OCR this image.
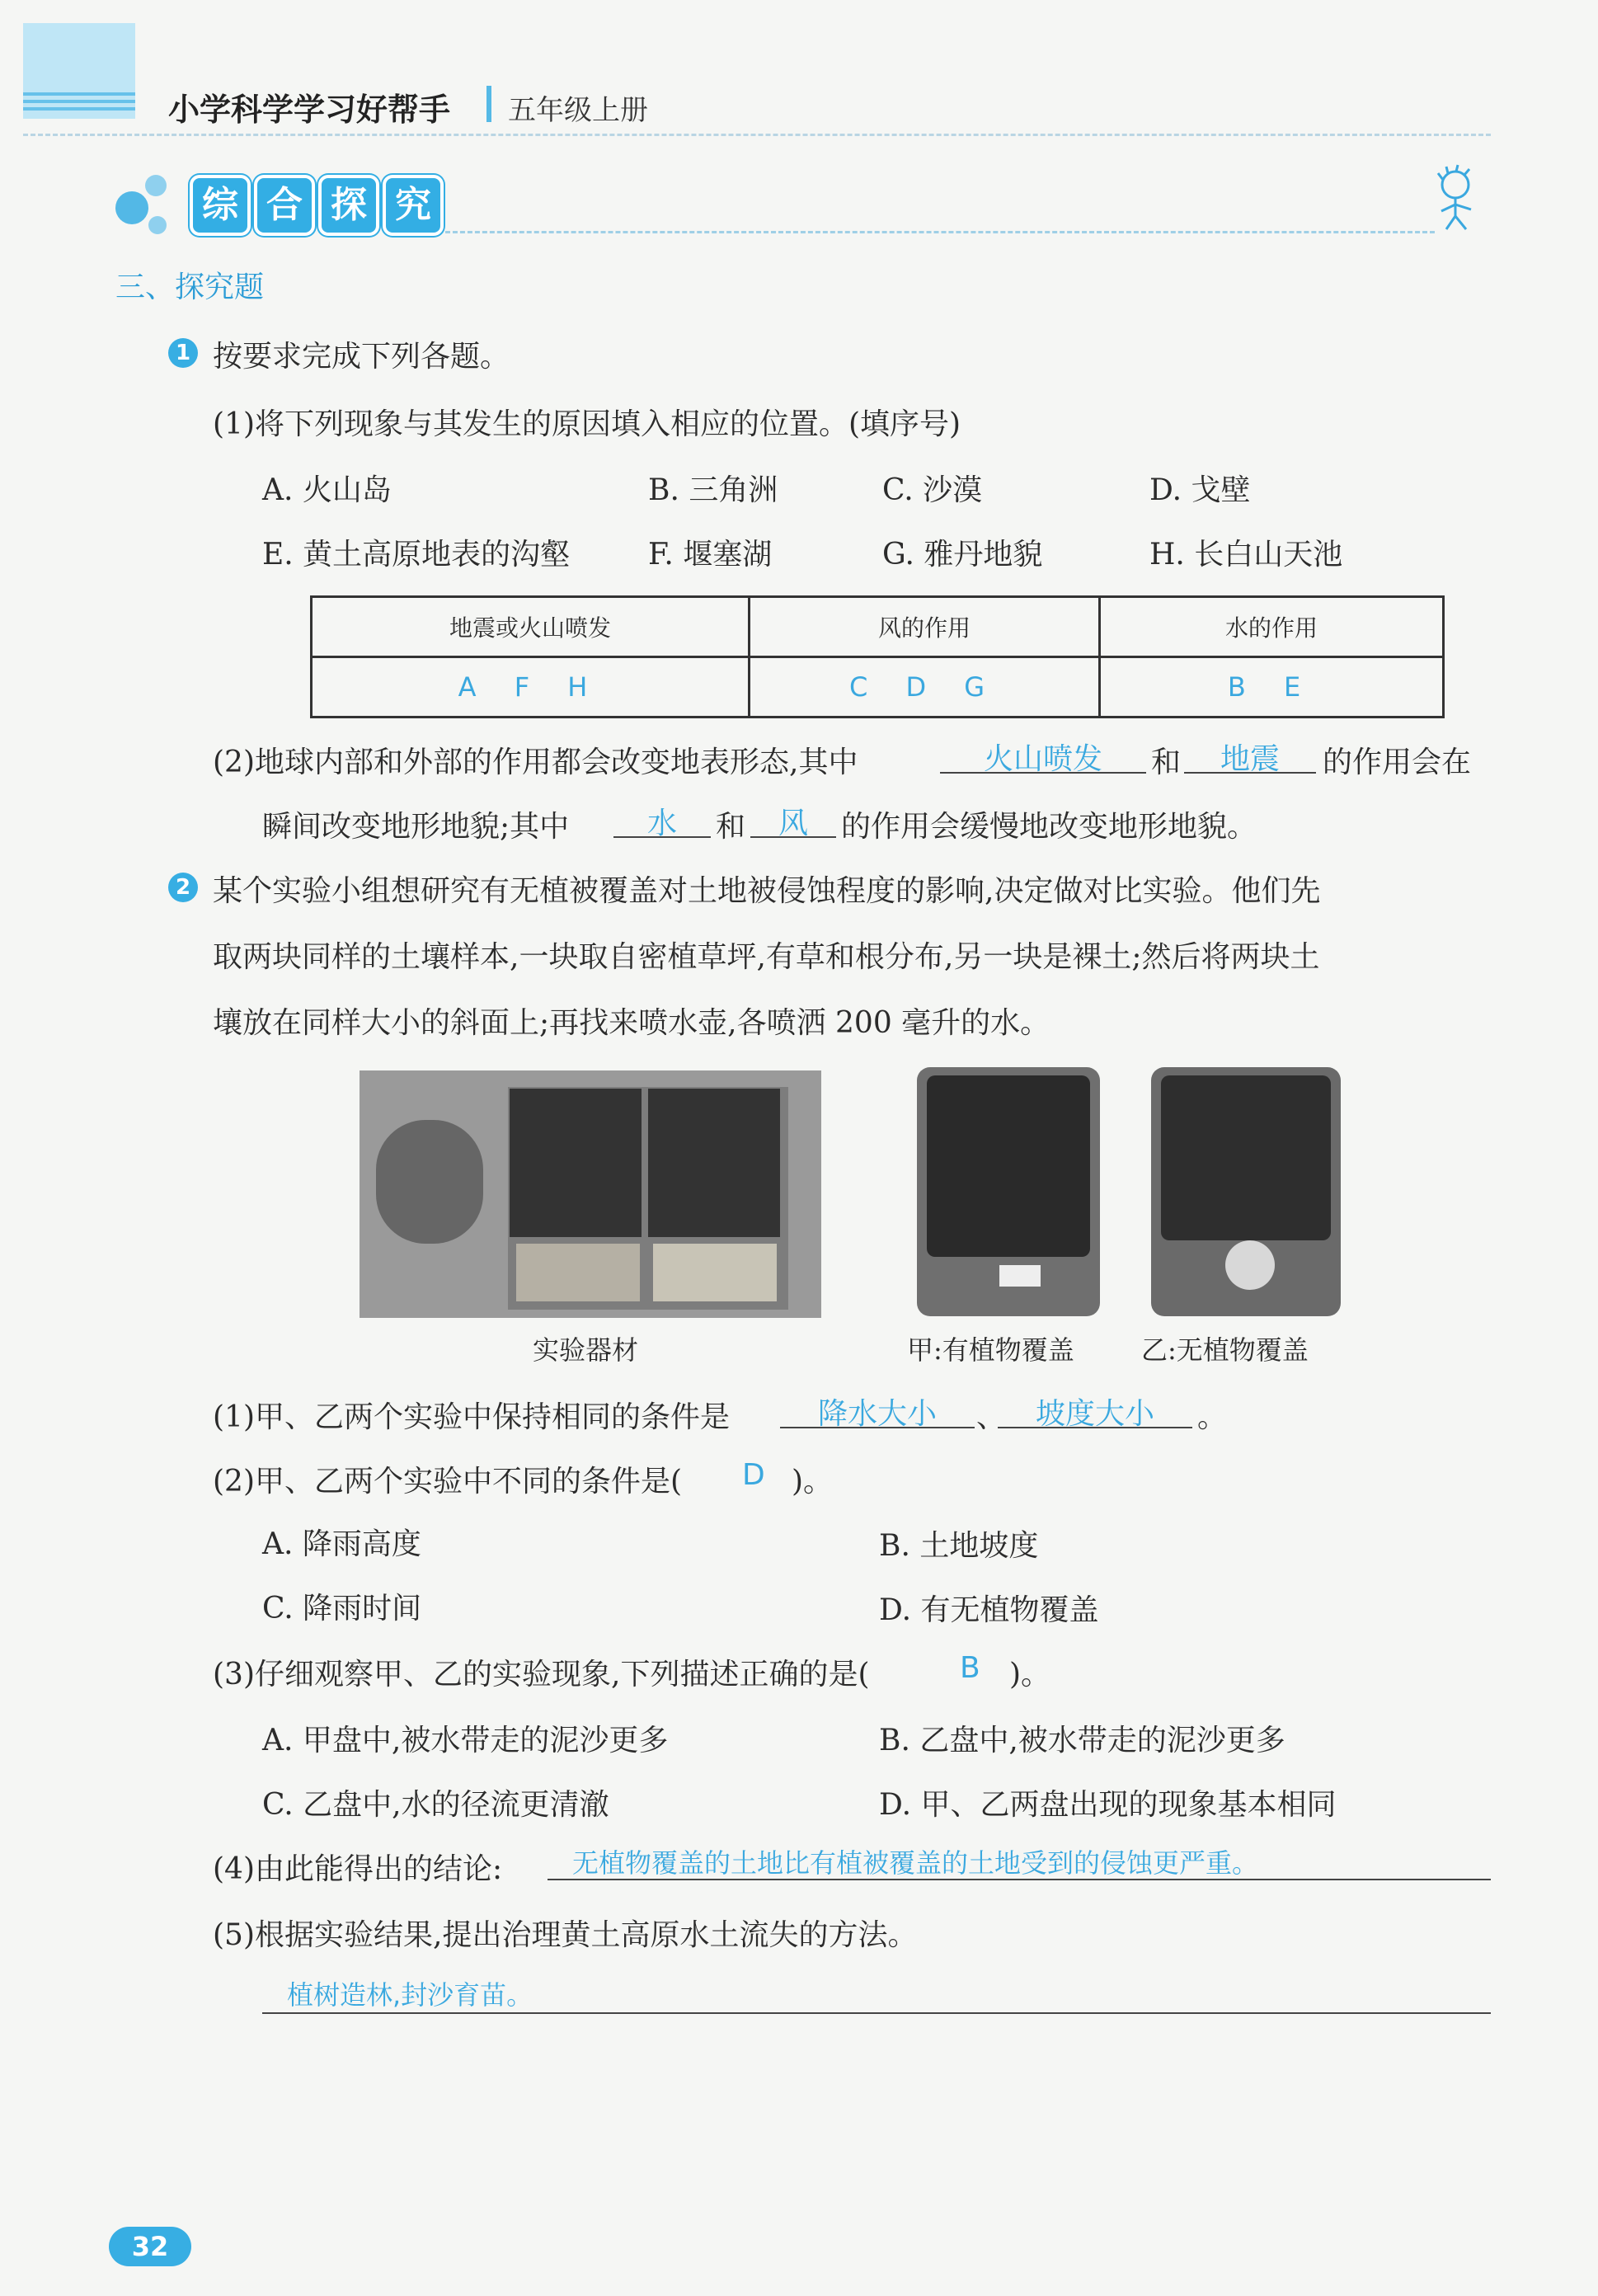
小学科学学习好帮手 五年级上册
综 合 探 究
三、探究题
1 按要求完成下列各题。
(1)将下列现象与其发生的原因填入相应的位置。(填序号)
A. 火山岛	B. 三角洲	C. 沙漠	D. 戈壁
E. 黄土高原地表的沟壑	F. 堰塞湖	G. 雅丹地貌	H. 长白山天池
地震或火山喷发	风的作用	水的作用
A F H	C D G	B E
(2)地球内部和外部的作用都会改变地表形态,其中	火山喷发	和	地震	的作用会在
瞬间改变地形地貌;其中	水	和	风	的作用会缓慢地改变地形地貌。
2 某个实验小组想研究有无植被覆盖对土地被侵蚀程度的影响,决定做对比实验。他们先
取两块同样的土壤样本,一块取自密植草坪,有草和根分布,另一块是裸土;然后将两块土
壤放在同样大小的斜面上;再找来喷水壶,各喷洒 200 毫升的水。
实验器材	甲:有植物覆盖	乙:无植物覆盖
(1)甲、乙两个实验中保持相同的条件是	降水大小	、 坡度大小	。
(2)甲、乙两个实验中不同的条件是( D )。
A. 降雨高度	B. 土地坡度
C. 降雨时间	D. 有无植物覆盖
(3)仔细观察甲、乙的实验现象,下列描述正确的是(	B )。
A. 甲盘中,被水带走的泥沙更多	B. 乙盘中,被水带走的泥沙更多
C. 乙盘中,水的径流更清澈	D. 甲、乙两盘出现的现象基本相同
(4)由此能得出的结论:	无植物覆盖的土地比有植被覆盖的土地受到的侵蚀更严重。
(5)根据实验结果,提出治理黄土高原水土流失的方法。
植树造林,封沙育苗。
32
